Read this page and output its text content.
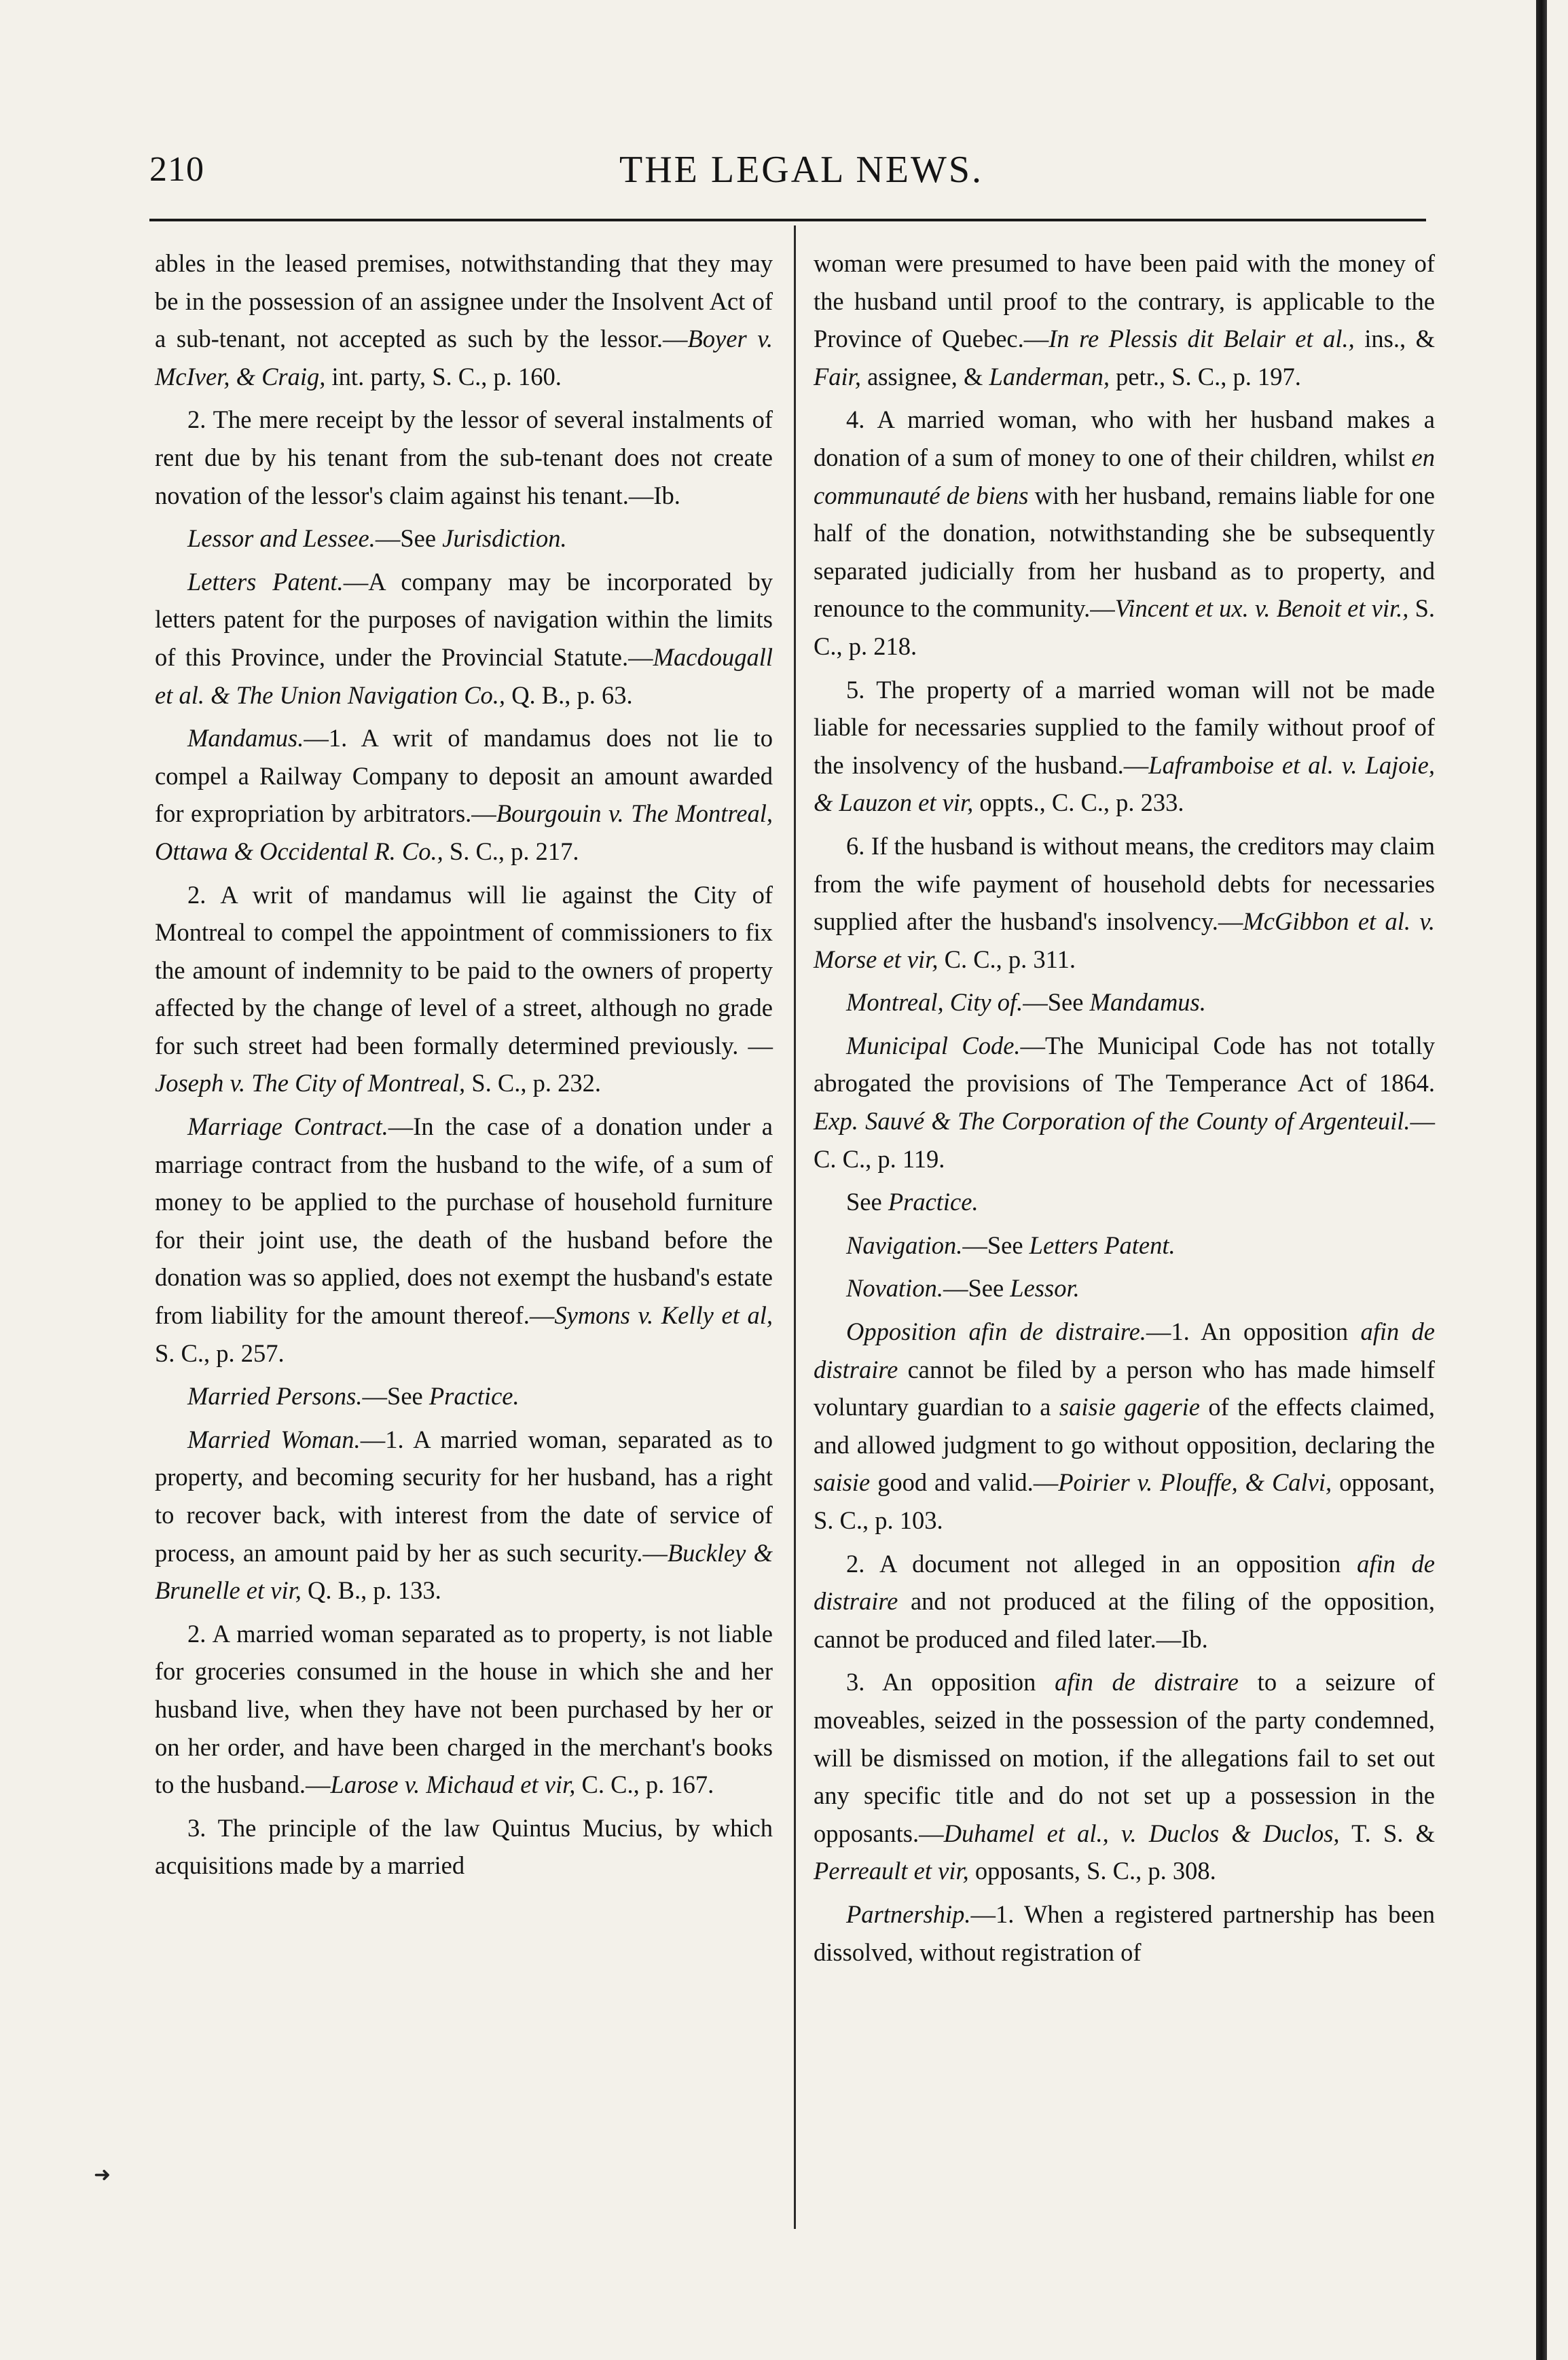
210	THE LEGAL NEWS.

ables in the leased premises, notwithstanding that they may be in the possession of an assignee under the Insolvent Act of a sub-tenant, not accepted as such by the lessor.—Boyer v. McIver, & Craig, int. party, S. C., p. 160.

2. The mere receipt by the lessor of several instalments of rent due by his tenant from the sub-tenant does not create novation of the lessor's claim against his tenant.—Ib.

Lessor and Lessee.—See Jurisdiction.

Letters Patent.—A company may be incorporated by letters patent for the purposes of navigation within the limits of this Province, under the Provincial Statute.—Macdougall et al. & The Union Navigation Co., Q. B., p. 63.

Mandamus.—1. A writ of mandamus does not lie to compel a Railway Company to deposit an amount awarded for expropriation by arbitrators.—Bourgouin v. The Montreal, Ottawa & Occidental R. Co., S. C., p. 217.

2. A writ of mandamus will lie against the City of Montreal to compel the appointment of commissioners to fix the amount of indemnity to be paid to the owners of property affected by the change of level of a street, although no grade for such street had been formally determined previously. — Joseph v. The City of Montreal, S. C., p. 232.

Marriage Contract.—In the case of a donation under a marriage contract from the husband to the wife, of a sum of money to be applied to the purchase of household furniture for their joint use, the death of the husband before the donation was so applied, does not exempt the husband's estate from liability for the amount thereof.—Symons v. Kelly et al, S. C., p. 257.

Married Persons.—See Practice.

Married Woman.—1. A married woman, separated as to property, and becoming security for her husband, has a right to recover back, with interest from the date of service of process, an amount paid by her as such security.—Buckley & Brunelle et vir, Q. B., p. 133.

2. A married woman separated as to property, is not liable for groceries consumed in the house in which she and her husband live, when they have not been purchased by her or on her order, and have been charged in the merchant's books to the husband.—Larose v. Michaud et vir, C. C., p. 167.

3. The principle of the law Quintus Mucius, by which acquisitions made by a married

woman were presumed to have been paid with the money of the husband until proof to the contrary, is applicable to the Province of Quebec.—In re Plessis dit Belair et al., ins., & Fair, assignee, & Landerman, petr., S. C., p. 197.

4. A married woman, who with her husband makes a donation of a sum of money to one of their children, whilst en communauté de biens with her husband, remains liable for one half of the donation, notwithstanding she be subsequently separated judicially from her husband as to property, and renounce to the community.—Vincent et ux. v. Benoit et vir., S. C., p. 218.

5. The property of a married woman will not be made liable for necessaries supplied to the family without proof of the insolvency of the husband.—Laframboise et al. v. Lajoie, & Lauzon et vir, oppts., C. C., p. 233.

6. If the husband is without means, the creditors may claim from the wife payment of household debts for necessaries supplied after the husband's insolvency.—McGibbon et al. v. Morse et vir, C. C., p. 311.

Montreal, City of.—See Mandamus.

Municipal Code.—The Municipal Code has not totally abrogated the provisions of The Temperance Act of 1864. Exp. Sauvé & The Corporation of the County of Argenteuil.—C. C., p. 119.

See Practice.

Navigation.—See Letters Patent.

Novation.—See Lessor.

Opposition afin de distraire.—1. An opposition afin de distraire cannot be filed by a person who has made himself voluntary guardian to a saisie gagerie of the effects claimed, and allowed judgment to go without opposition, declaring the saisie good and valid.—Poirier v. Plouffe, & Calvi, opposant, S. C., p. 103.

2. A document not alleged in an opposition afin de distraire and not produced at the filing of the opposition, cannot be produced and filed later.—Ib.

3. An opposition afin de distraire to a seizure of moveables, seized in the possession of the party condemned, will be dismissed on motion, if the allegations fail to set out any specific title and do not set up a possession in the opposants.—Duhamel et al., v. Duclos & Duclos, T. S. & Perreault et vir, opposants, S. C., p. 308.

Partnership.—1. When a registered partnership has been dissolved, without registration of

➜
